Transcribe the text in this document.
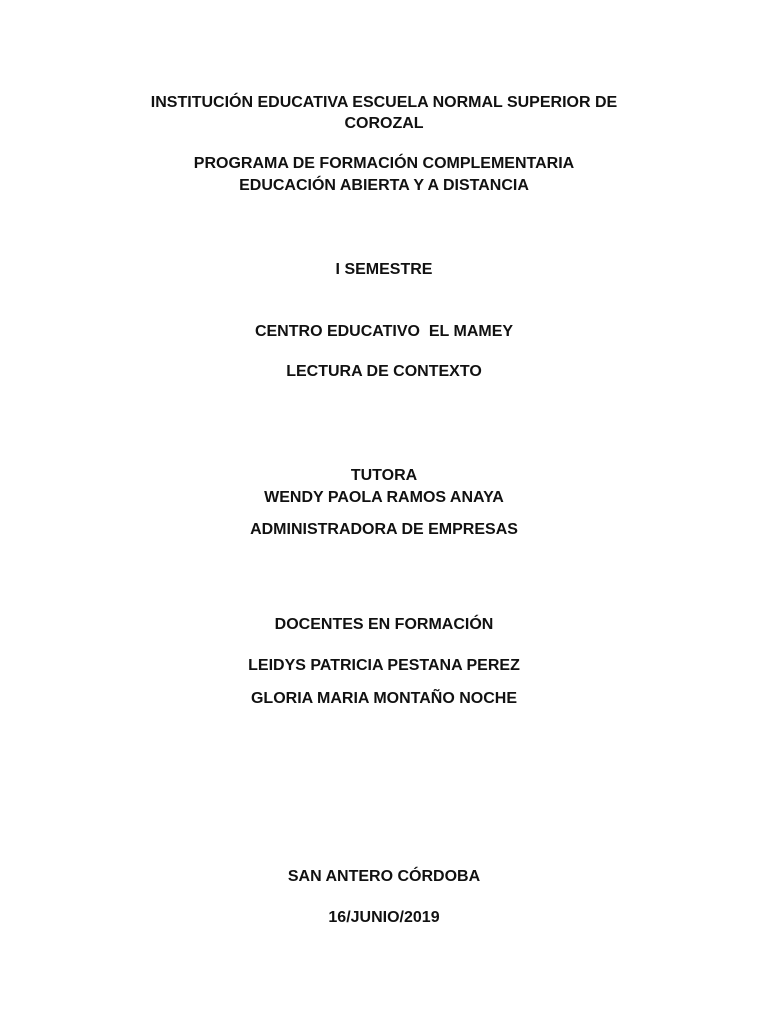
INSTITUCIÓN EDUCATIVA ESCUELA NORMAL SUPERIOR DE
COROZAL
PROGRAMA DE FORMACIÓN COMPLEMENTARIA
EDUCACIÓN ABIERTA Y A DISTANCIA
I SEMESTRE
CENTRO EDUCATIVO  EL MAMEY
LECTURA DE CONTEXTO
TUTORA
WENDY PAOLA RAMOS ANAYA
ADMINISTRADORA DE EMPRESAS
DOCENTES EN FORMACIÓN
LEIDYS PATRICIA PESTANA PEREZ
GLORIA MARIA MONTAÑO NOCHE
SAN ANTERO CÓRDOBA
16/JUNIO/2019
